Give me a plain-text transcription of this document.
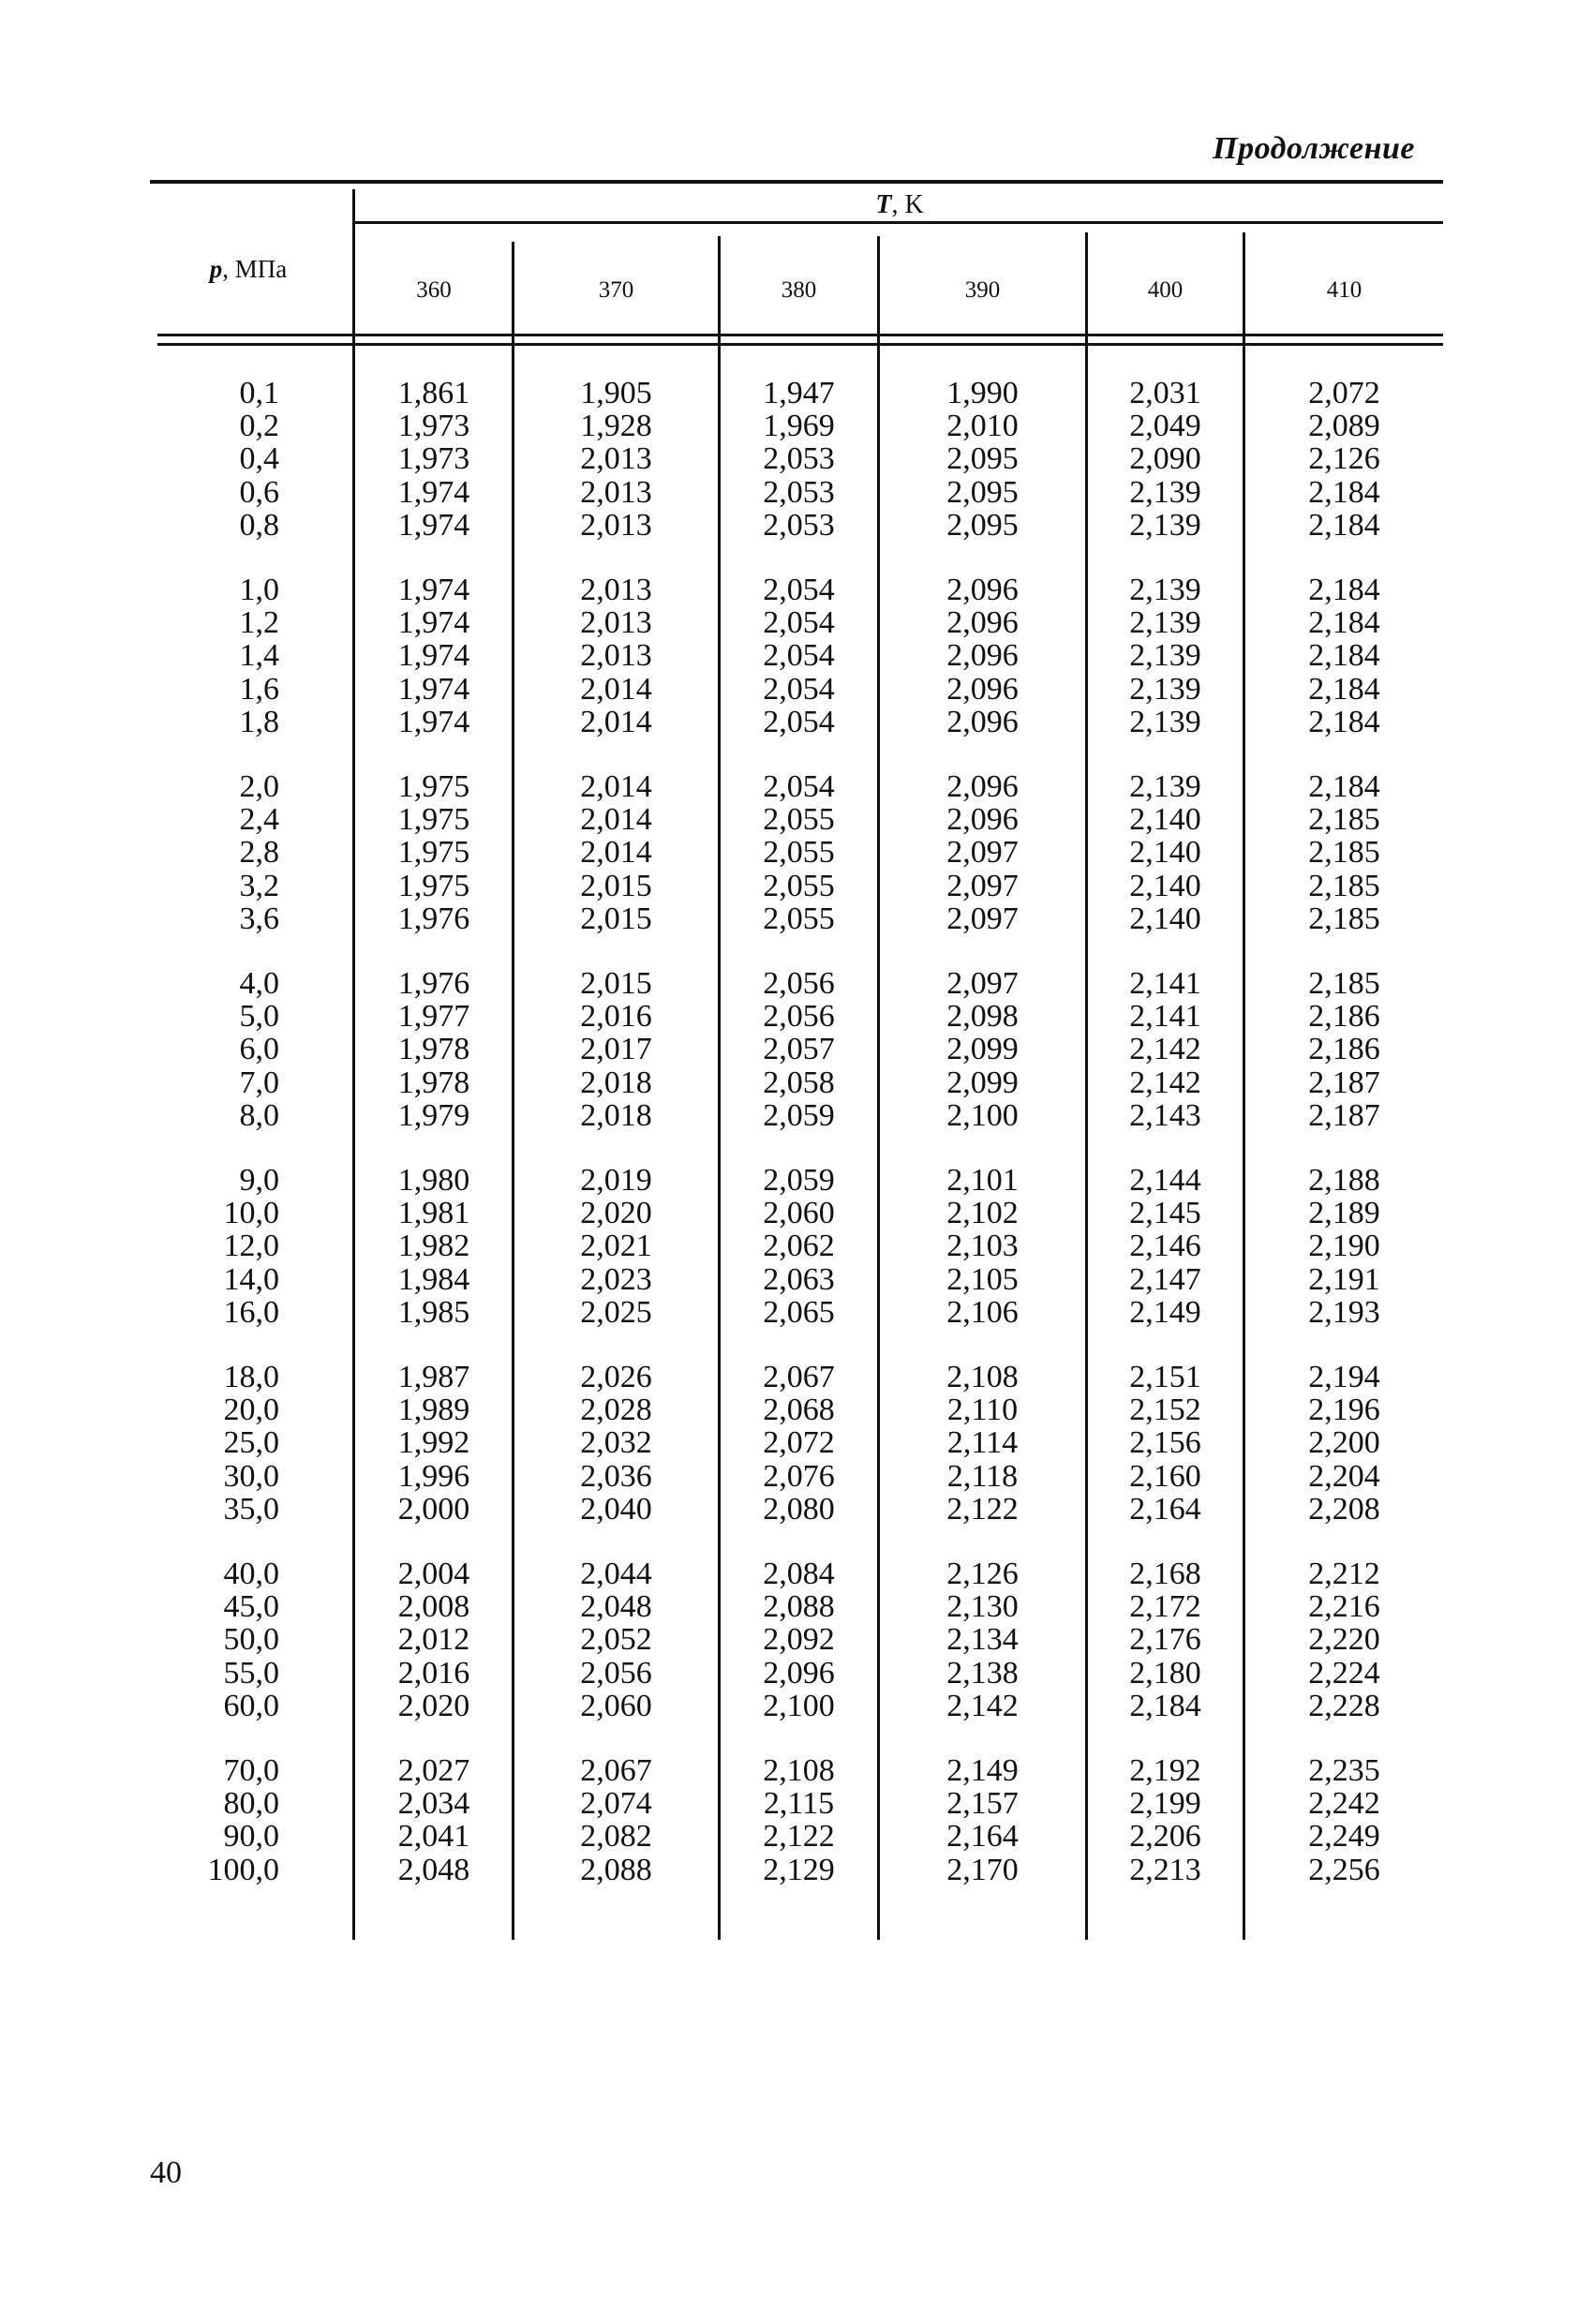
Продолжение
p, МПа
T, K
360	370	380	390	400	410
0,1	1,861	1,905	1,947	1,990	2,031	2,072
0,2	1,973	1,928	1,969	2,010	2,049	2,089
0,4	1,973	2,013	2,053	2,095	2,090	2,126
0,6	1,974	2,013	2,053	2,095	2,139	2,184
0,8	1,974	2,013	2,053	2,095	2,139	2,184
1,0	1,974	2,013	2,054	2,096	2,139	2,184
1,2	1,974	2,013	2,054	2,096	2,139	2,184
1,4	1,974	2,013	2,054	2,096	2,139	2,184
1,6	1,974	2,014	2,054	2,096	2,139	2,184
1,8	1,974	2,014	2,054	2,096	2,139	2,184
2,0	1,975	2,014	2,054	2,096	2,139	2,184
2,4	1,975	2,014	2,055	2,096	2,140	2,185
2,8	1,975	2,014	2,055	2,097	2,140	2,185
3,2	1,975	2,015	2,055	2,097	2,140	2,185
3,6	1,976	2,015	2,055	2,097	2,140	2,185
4,0	1,976	2,015	2,056	2,097	2,141	2,185
5,0	1,977	2,016	2,056	2,098	2,141	2,186
6,0	1,978	2,017	2,057	2,099	2,142	2,186
7,0	1,978	2,018	2,058	2,099	2,142	2,187
8,0	1,979	2,018	2,059	2,100	2,143	2,187
9,0	1,980	2,019	2,059	2,101	2,144	2,188
10,0	1,981	2,020	2,060	2,102	2,145	2,189
12,0	1,982	2,021	2,062	2,103	2,146	2,190
14,0	1,984	2,023	2,063	2,105	2,147	2,191
16,0	1,985	2,025	2,065	2,106	2,149	2,193
18,0	1,987	2,026	2,067	2,108	2,151	2,194
20,0	1,989	2,028	2,068	2,110	2,152	2,196
25,0	1,992	2,032	2,072	2,114	2,156	2,200
30,0	1,996	2,036	2,076	2,118	2,160	2,204
35,0	2,000	2,040	2,080	2,122	2,164	2,208
40,0	2,004	2,044	2,084	2,126	2,168	2,212
45,0	2,008	2,048	2,088	2,130	2,172	2,216
50,0	2,012	2,052	2,092	2,134	2,176	2,220
55,0	2,016	2,056	2,096	2,138	2,180	2,224
60,0	2,020	2,060	2,100	2,142	2,184	2,228
70,0	2,027	2,067	2,108	2,149	2,192	2,235
80,0	2,034	2,074	2,115	2,157	2,199	2,242
90,0	2,041	2,082	2,122	2,164	2,206	2,249
100,0	2,048	2,088	2,129	2,170	2,213	2,256
40
